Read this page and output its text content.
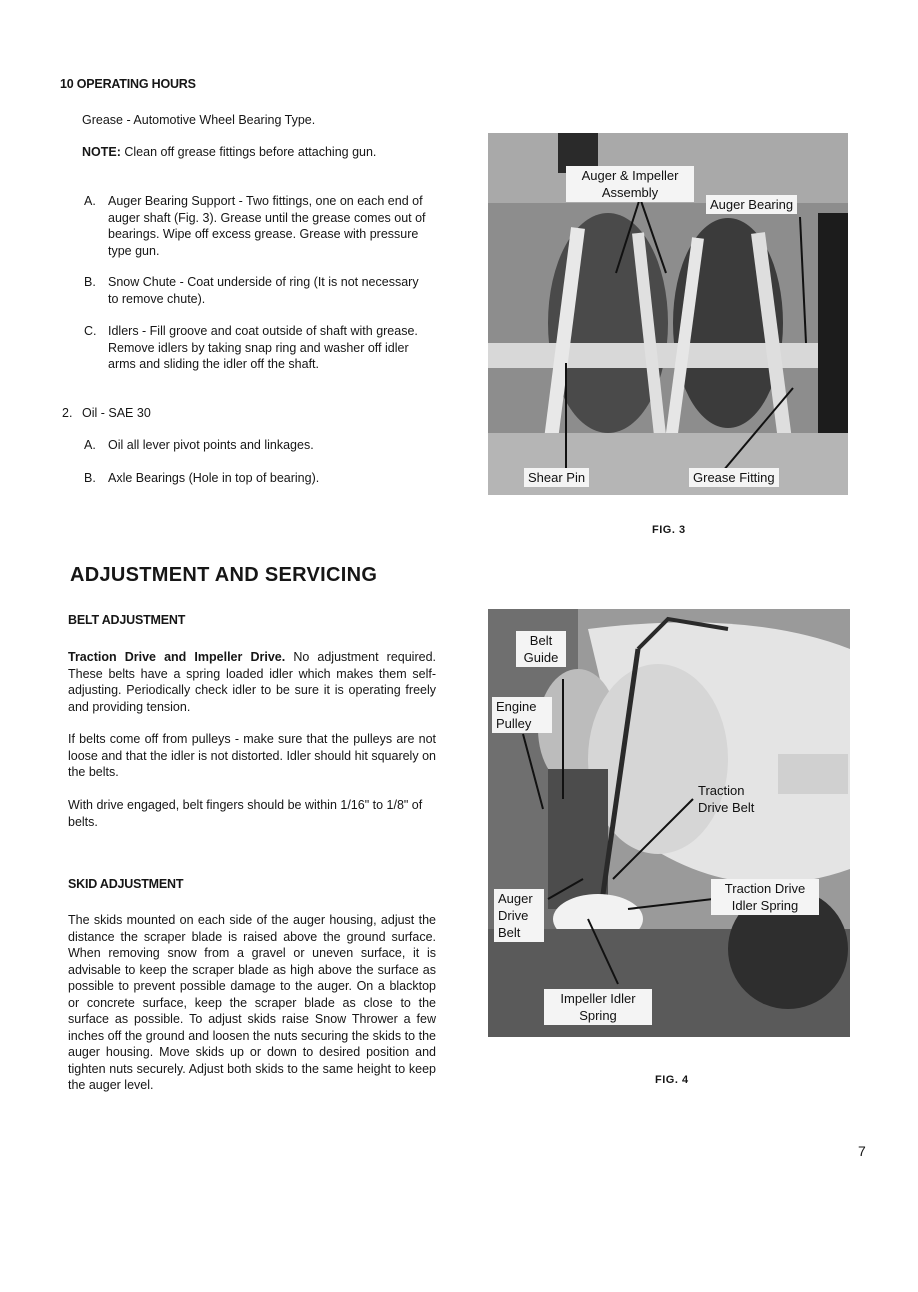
10 OPERATING HOURS
Grease - Automotive Wheel Bearing Type.
NOTE: Clean off grease fittings before attaching gun.
A. Auger Bearing Support - Two fittings, one on each end of auger shaft (Fig. 3). Grease until the grease comes out of bearings. Wipe off excess grease. Grease with pressure type gun.
B. Snow Chute - Coat underside of ring (It is not necessary to remove chute).
C. Idlers - Fill groove and coat outside of shaft with grease. Remove idlers by taking snap ring and washer off idler arms and sliding the idler off the shaft.
2. Oil - SAE 30
A. Oil all lever pivot points and linkages.
B. Axle Bearings (Hole in top of bearing).
ADJUSTMENT AND SERVICING
BELT ADJUSTMENT
Traction Drive and Impeller Drive. No adjustment required. These belts have a spring loaded idler which makes them self-adjusting. Periodically check idler to be sure it is operating freely and providing tension.
If belts come off from pulleys - make sure that the pulleys are not loose and that the idler is not distorted. Idler should hit squarely on the belts.
With drive engaged, belt fingers should be within 1/16" to 1/8" of belts.
SKID ADJUSTMENT
The skids mounted on each side of the auger housing, adjust the distance the scraper blade is raised above the ground surface. When removing snow from a gravel or uneven surface, it is advisable to keep the scraper blade as high above the surface as possible to prevent possible damage to the auger. On a blacktop or concrete surface, keep the scraper blade as close to the surface as possible. To adjust skids raise Snow Thrower a few inches off the ground and loosen the nuts securing the skids to the auger housing. Move skids up or down to desired position and tighten nuts securely. Adjust both skids to the same height to keep the auger level.
Auger & Impeller Assembly
Auger Bearing
Shear Pin	Grease Fitting
FIG. 3
Belt Guide
Engine Pulley
Traction Drive Belt
Traction Drive Idler Spring
Auger Drive Belt
Impeller Idler Spring
FIG. 4
7
